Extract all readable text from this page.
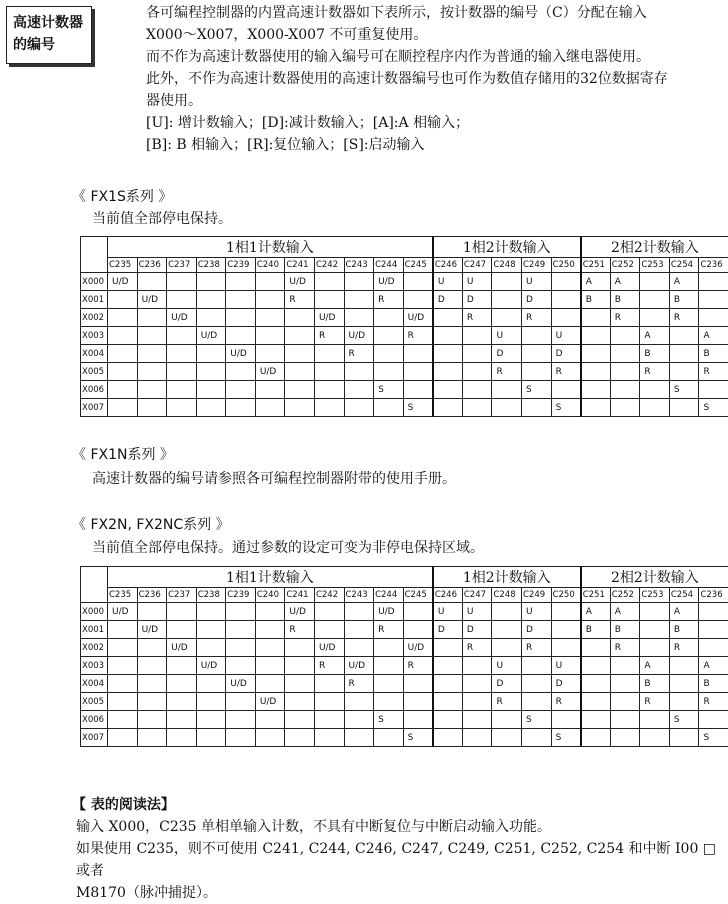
高速计数器
的编号

各可编程控制器的内置高速计数器如下表所示，按计数器的编号（C）分配在输入

X000～X007，X000-X007 不可重复使用。

而不作为高速计数器使用的输入编号可在顺控程序内作为普通的输入继电器使用。

此外，不作为高速计数器使用的高速计数器编号也可作为数值存储用的32位数据寄存

器使用。

[U]: 增计数输入；[D]:减计数输入；[A]:A 相输入；

[B]: B 相输入；[R]:复位输入；[S]:启动输入

《 FX1S系列 》
当前值全部停电保持。
	1相1计数输入											1相2计数输入					2相2计数输入				
	C235	C236	C237	C238	C239	C240	C241	C242	C243	C244	C245	C246	C247	C248	C249	C250	C251	C252	C253	C254	C236
X000	U/D						U/D			U/D		U	U		U		A	A		A	
X001		U/D					R			R		D	D		D		B	B		B	
X002			U/D					U/D			U/D		R		R			R		R	
X003				U/D				R	U/D		R			U		U			A		A
X004					U/D				R					D		D			B		B
X005						U/D								R		R			R		R
X006										S					S					S	
X007											S					S					S
《 FX1N系列 》
高速计数器的编号请参照各可编程控制器附带的使用手册。
《 FX2N, FX2NC系列 》
当前值全部停电保持。通过参数的设定可变为非停电保持区域。
	1相1计数输入											1相2计数输入					2相2计数输入				
	C235	C236	C237	C238	C239	C240	C241	C242	C243	C244	C245	C246	C247	C248	C249	C250	C251	C252	C253	C254	C236
X000	U/D						U/D			U/D		U	U		U		A	A		A	
X001		U/D					R			R		D	D		D		B	B		B	
X002			U/D					U/D			U/D		R		R			R		R	
X003				U/D				R	U/D		R			U		U			A		A
X004					U/D				R					D		D			B		B
X005						U/D								R		R			R		R
X006										S					S					S	
X007											S					S					S
【 表的阅读法】

输入 X000，C235 单相单输入计数，不具有中断复位与中断启动输入功能。

如果使用 C235，则不可使用 C241, C244, C246, C247, C249, C251, C252, C254 和中断 I00 □或者

M8170（脉冲捕捉）。
